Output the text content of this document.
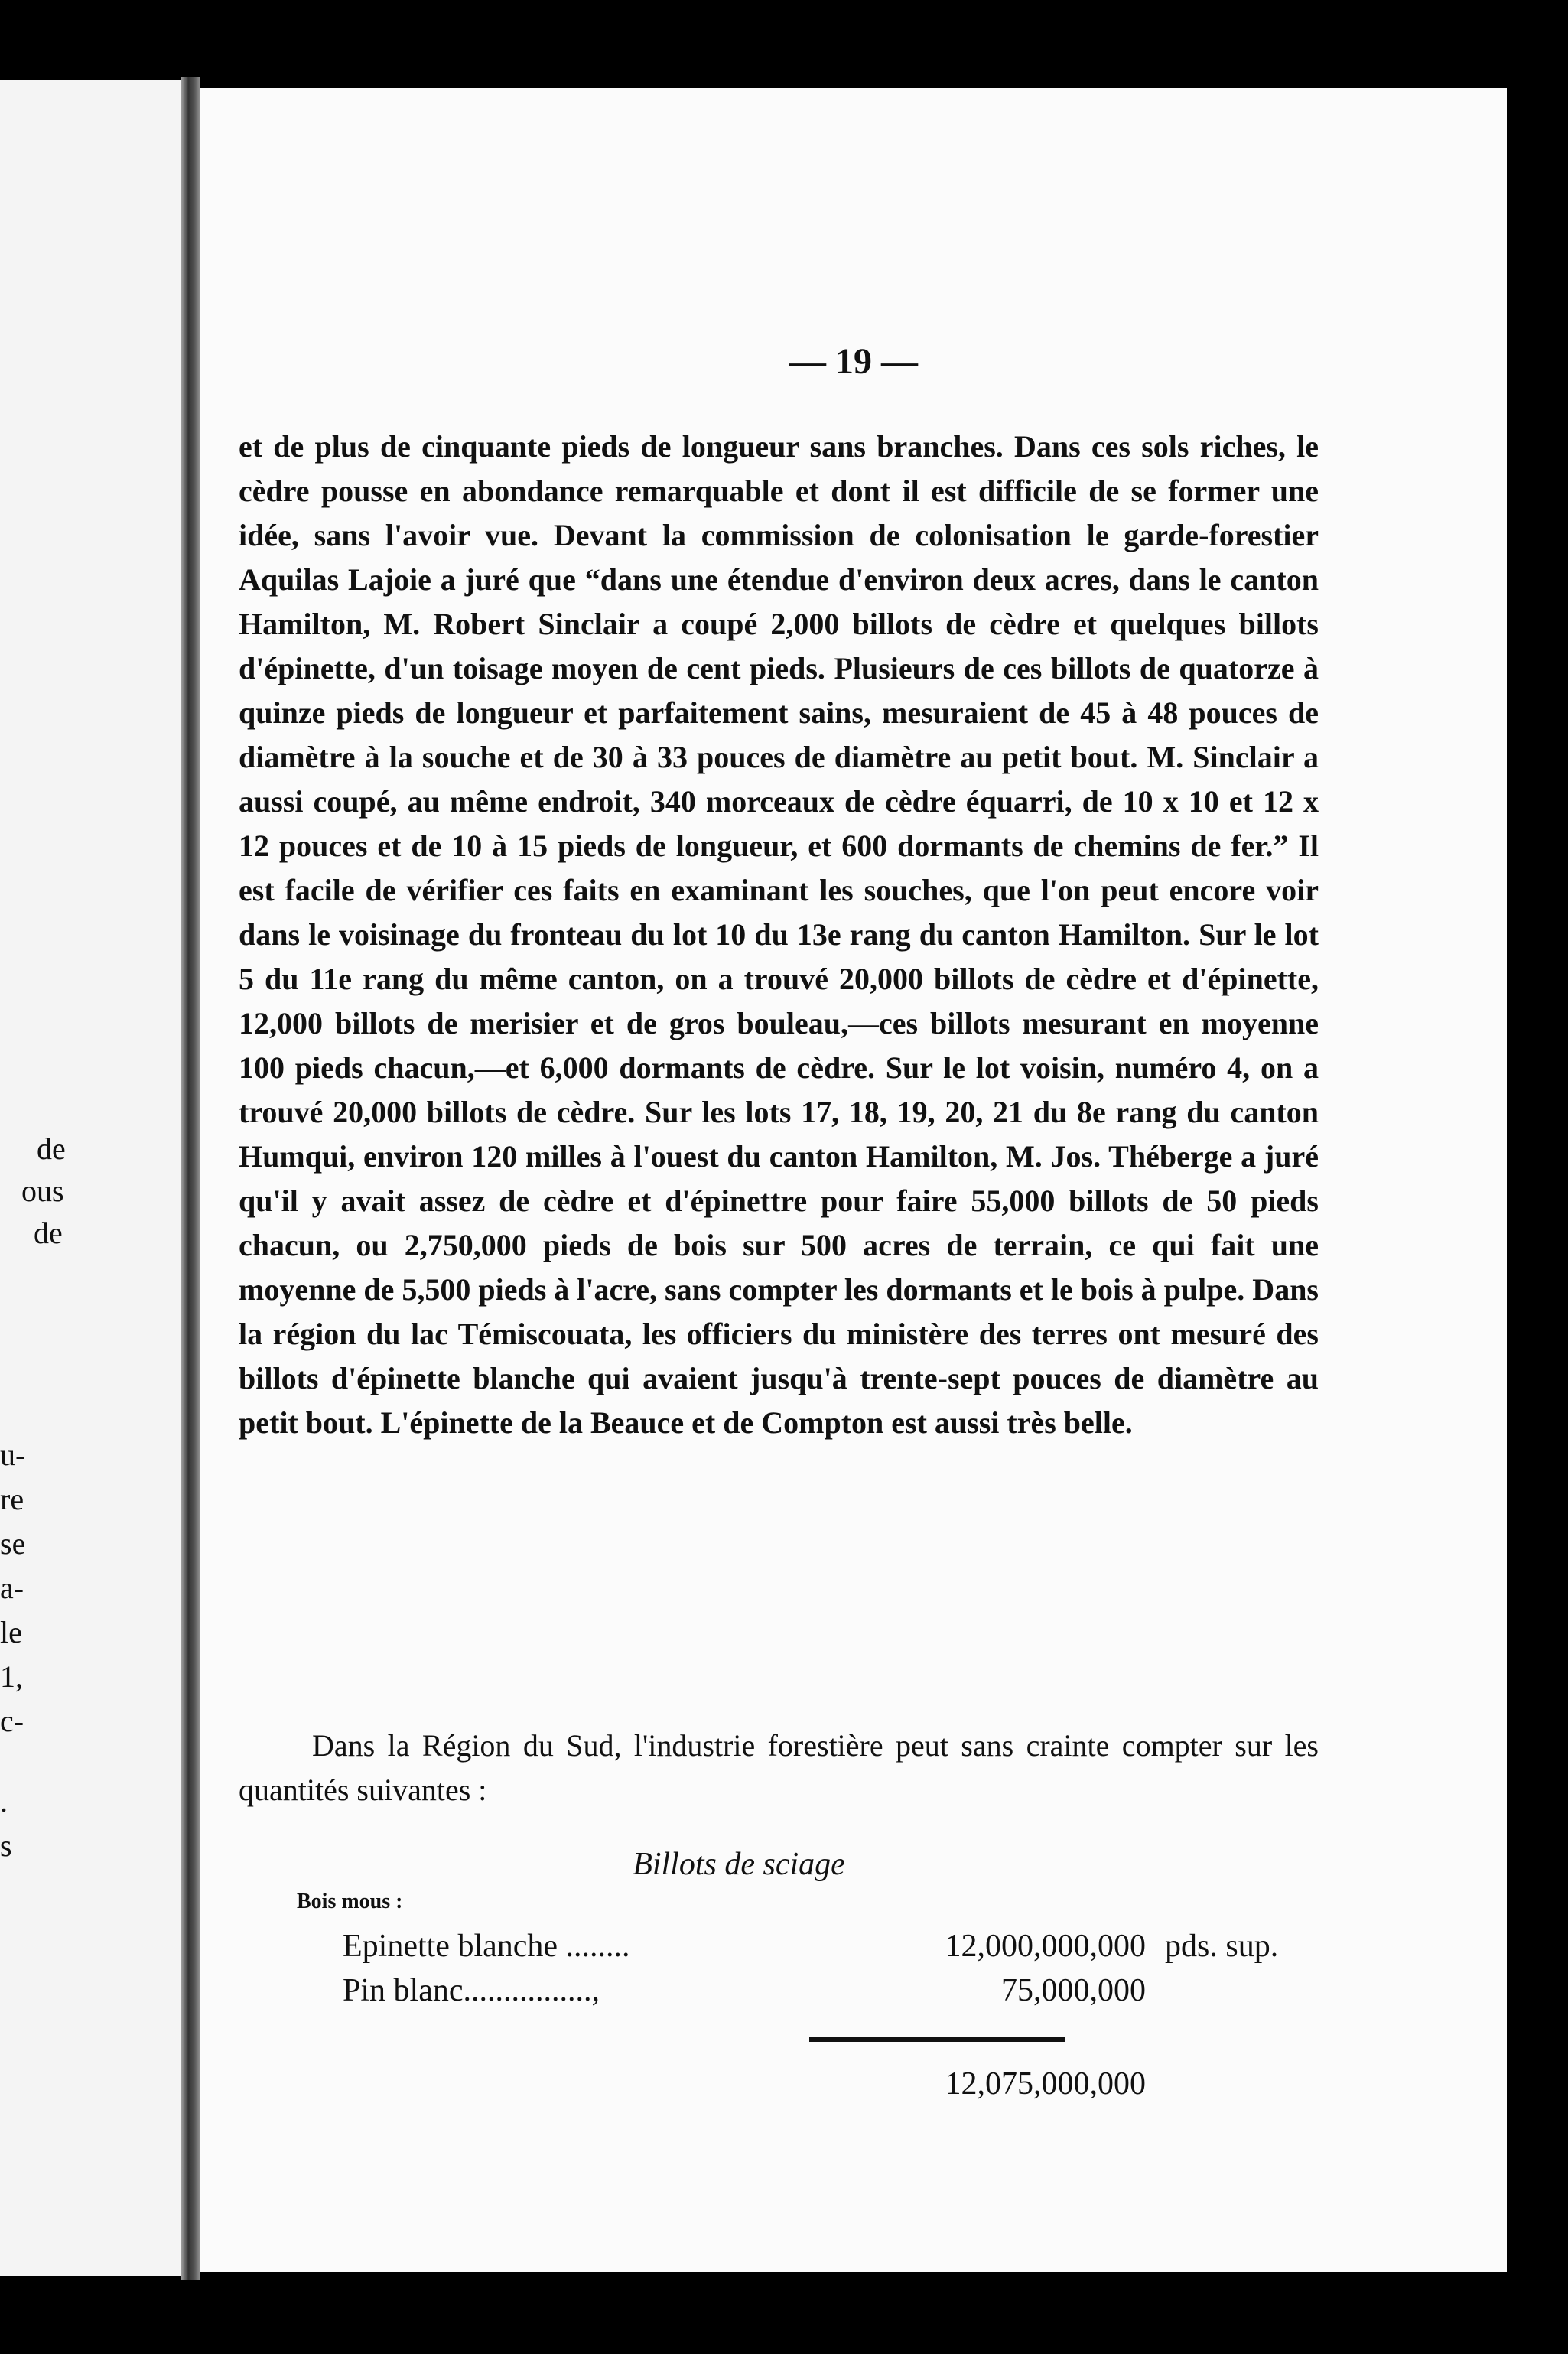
de
ous
de
u-
re
se
a-
le
1,
c-
.
s
— 19 —

et de plus de cinquante pieds de longueur sans branches. Dans ces sols riches, le cèdre pousse en abondance remarquable et dont il est difficile de se former une idée, sans l'avoir vue. Devant la commission de colonisation le garde-forestier Aquilas Lajoie a juré que “dans une étendue d'environ deux acres, dans le canton Hamilton, M. Robert Sinclair a coupé 2,000 billots de cèdre et quelques billots d'épinette, d'un toisage moyen de cent pieds. Plusieurs de ces billots de quatorze à quinze pieds de longueur et parfaitement sains, mesuraient de 45 à 48 pouces de diamètre à la souche et de 30 à 33 pouces de diamètre au petit bout. M. Sinclair a aussi coupé, au même endroit, 340 morceaux de cèdre équarri, de 10 x 10 et 12 x 12 pouces et de 10 à 15 pieds de longueur, et 600 dormants de chemins de fer.” Il est facile de vérifier ces faits en examinant les souches, que l'on peut encore voir dans le voisinage du fronteau du lot 10 du 13e rang du canton Hamilton. Sur le lot 5 du 11e rang du même canton, on a trouvé 20,000 billots de cèdre et d'épinette, 12,000 billots de merisier et de gros bouleau,—ces billots mesurant en moyenne 100 pieds chacun,—et 6,000 dormants de cèdre. Sur le lot voisin, numéro 4, on a trouvé 20,000 billots de cèdre. Sur les lots 17, 18, 19, 20, 21 du 8e rang du canton Humqui, environ 120 milles à l'ouest du canton Hamilton, M. Jos. Théberge a juré qu'il y avait assez de cèdre et d'épinettre pour faire 55,000 billots de 50 pieds chacun, ou 2,750,000 pieds de bois sur 500 acres de terrain, ce qui fait une moyenne de 5,500 pieds à l'acre, sans compter les dormants et le bois à pulpe. Dans la région du lac Témiscouata, les officiers du ministère des terres ont mesuré des billots d'épinette blanche qui avaient jusqu'à trente-sept pouces de diamètre au petit bout. L'épinette de la Beauce et de Compton est aussi très belle.

Dans la Région du Sud, l'industrie forestière peut sans crainte compter sur les quantités suivantes :

Billots de sciage
Bois mous :
Epinette blanche ........	12,000,000,000 pds. sup.
Pin blanc................,	75,000,000
12,075,000,000
